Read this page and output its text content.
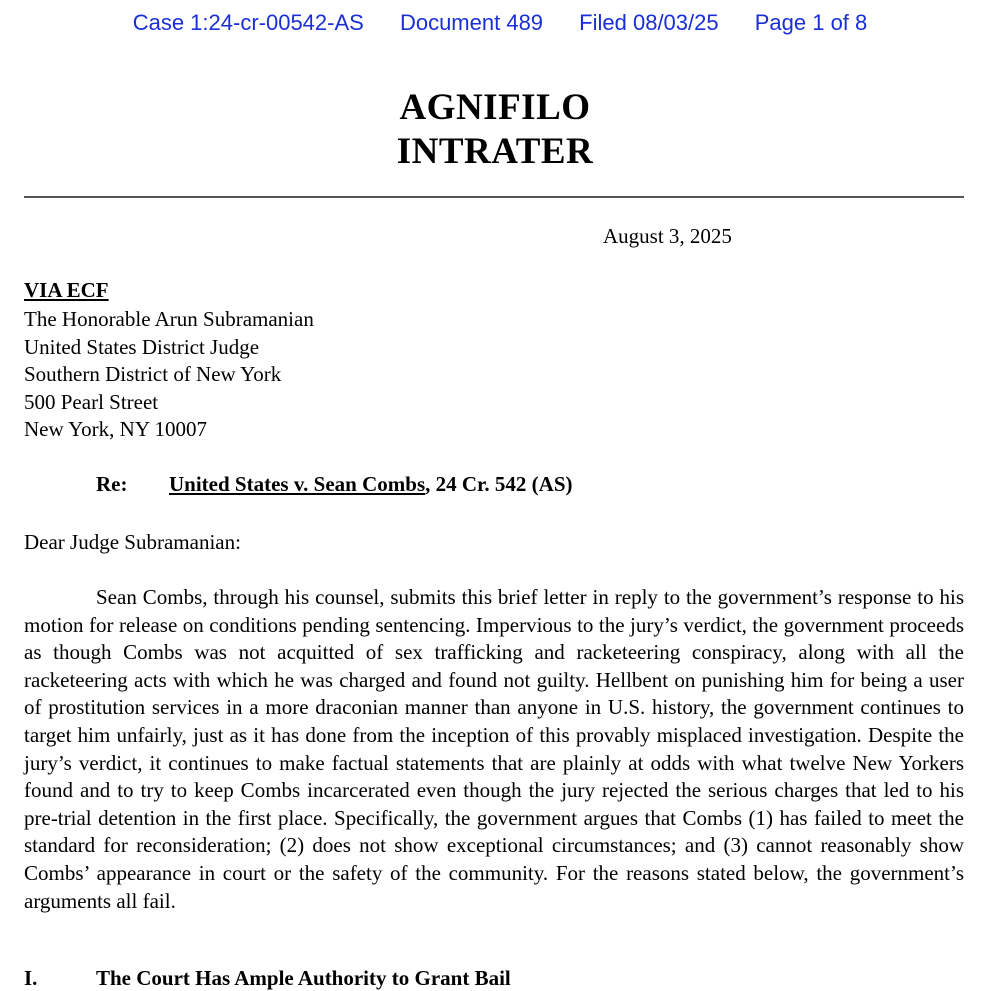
Case 1:24-cr-00542-AS Document 489 Filed 08/03/25 Page 1 of 8
AGNIFILO
INTRATER
August 3, 2025
VIA ECF
The Honorable Arun Subramanian
United States District Judge
Southern District of New York
500 Pearl Street
New York, NY 10007
Re: United States v. Sean Combs, 24 Cr. 542 (AS)
Dear Judge Subramanian:
Sean Combs, through his counsel, submits this brief letter in reply to the government’s response to his motion for release on conditions pending sentencing. Impervious to the jury’s verdict, the government proceeds as though Combs was not acquitted of sex trafficking and racketeering conspiracy, along with all the racketeering acts with which he was charged and found not guilty. Hellbent on punishing him for being a user of prostitution services in a more draconian manner than anyone in U.S. history, the government continues to target him unfairly, just as it has done from the inception of this provably misplaced investigation. Despite the jury’s verdict, it continues to make factual statements that are plainly at odds with what twelve New Yorkers found and to try to keep Combs incarcerated even though the jury rejected the serious charges that led to his pre-trial detention in the first place. Specifically, the government argues that Combs (1) has failed to meet the standard for reconsideration; (2) does not show exceptional circumstances; and (3) cannot reasonably show Combs’ appearance in court or the safety of the community. For the reasons stated below, the government’s arguments all fail.
I.	The Court Has Ample Authority to Grant Bail
